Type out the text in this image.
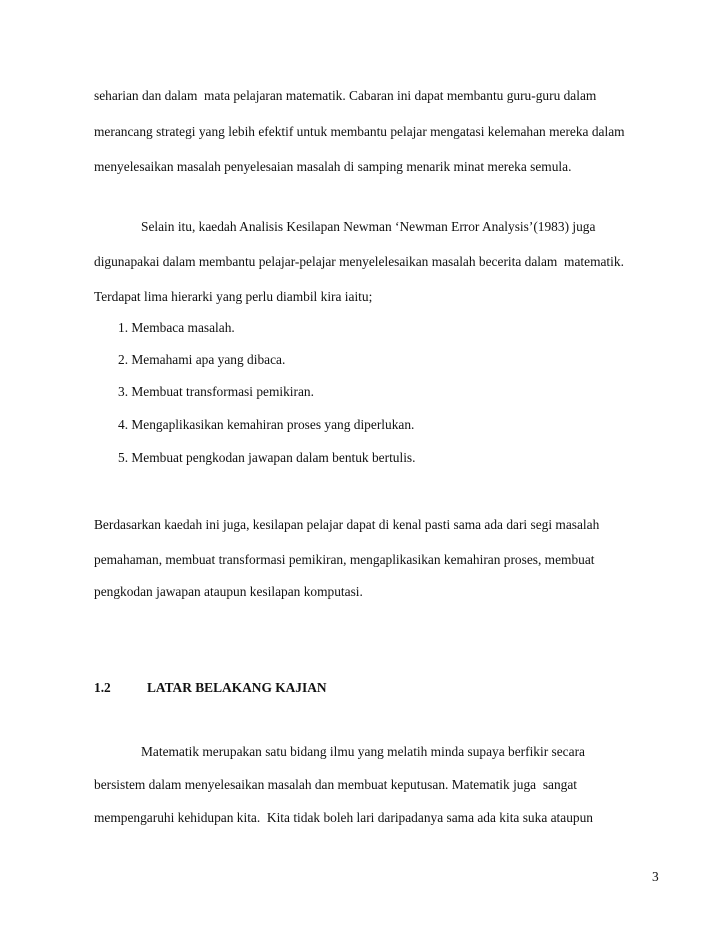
seharian dan dalam  mata pelajaran matematik. Cabaran ini dapat membantu guru-guru dalam
merancang strategi yang lebih efektif untuk membantu pelajar mengatasi kelemahan mereka dalam
menyelesaikan masalah penyelesaian masalah di samping menarik minat mereka semula.
Selain itu, kaedah Analisis Kesilapan Newman ‘Newman Error Analysis’(1983) juga
digunapakai dalam membantu pelajar-pelajar menyelelesaikan masalah becerita dalam  matematik.
Terdapat lima hierarki yang perlu diambil kira iaitu;
1. Membaca masalah.
2. Memahami apa yang dibaca.
3. Membuat transformasi pemikiran.
4. Mengaplikasikan kemahiran proses yang diperlukan.
5. Membuat pengkodan jawapan dalam bentuk bertulis.
Berdasarkan kaedah ini juga, kesilapan pelajar dapat di kenal pasti sama ada dari segi masalah
pemahaman, membuat transformasi pemikiran, mengaplikasikan kemahiran proses, membuat
pengkodan jawapan ataupun kesilapan komputasi.
1.2	LATAR BELAKANG KAJIAN
Matematik merupakan satu bidang ilmu yang melatih minda supaya berfikir secara
bersistem dalam menyelesaikan masalah dan membuat keputusan. Matematik juga  sangat
mempengaruhi kehidupan kita.  Kita tidak boleh lari daripadanya sama ada kita suka ataupun
3
